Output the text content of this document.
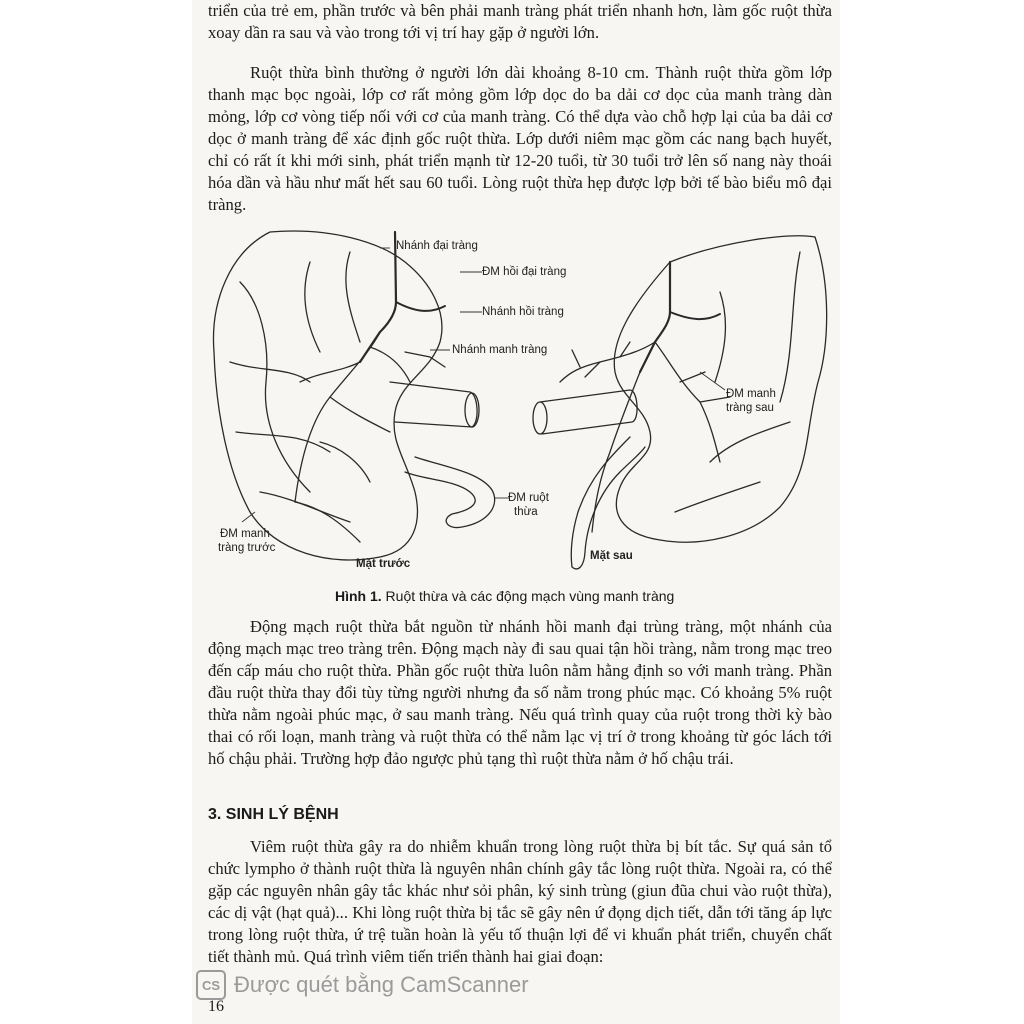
triển của trẻ em, phần trước và bên phải manh tràng phát triển nhanh hơn, làm gốc ruột thừa xoay dần ra sau và vào trong tới vị trí hay gặp ở người lớn.

Ruột thừa bình thường ở người lớn dài khoảng 8-10 cm. Thành ruột thừa gồm lớp thanh mạc bọc ngoài, lớp cơ rất mỏng gồm lớp dọc do ba dải cơ dọc của manh tràng dàn mỏng, lớp cơ vòng tiếp nối với cơ của manh tràng. Có thể dựa vào chỗ hợp lại của ba dải cơ dọc ở manh tràng để xác định gốc ruột thừa. Lớp dưới niêm mạc gồm các nang bạch huyết, chỉ có rất ít khi mới sinh, phát triển mạnh từ 12-20 tuổi, từ 30 tuổi trở lên số nang này thoái hóa dần và hầu như mất hết sau 60 tuổi. Lòng ruột thừa hẹp được lợp bởi tế bào biểu mô đại tràng.

Nhánh đại tràng
ĐM hồi đại tràng
Nhánh hồi tràng
Nhánh manh tràng
ĐM manh
tràng sau
ĐM ruột
thừa
ĐM manh
tràng trước
Mặt trước
Mặt sau
Hình 1. Ruột thừa và các động mạch vùng manh tràng

Động mạch ruột thừa bắt nguồn từ nhánh hồi manh đại trùng tràng, một nhánh của động mạch mạc treo tràng trên. Động mạch này đi sau quai tận hồi tràng, nằm trong mạc treo đến cấp máu cho ruột thừa. Phần gốc ruột thừa luôn nằm hằng định so với manh tràng. Phần đầu ruột thừa thay đổi tùy từng người nhưng đa số nằm trong phúc mạc. Có khoảng 5% ruột thừa nằm ngoài phúc mạc, ở sau manh tràng. Nếu quá trình quay của ruột trong thời kỳ bào thai có rối loạn, manh tràng và ruột thừa có thể nằm lạc vị trí ở trong khoảng từ góc lách tới hố chậu phải. Trường hợp đảo ngược phủ tạng thì ruột thừa nằm ở hố chậu trái.

3. SINH LÝ BỆNH

Viêm ruột thừa gây ra do nhiễm khuẩn trong lòng ruột thừa bị bít tắc. Sự quá sản tổ chức lympho ở thành ruột thừa là nguyên nhân chính gây tắc lòng ruột thừa. Ngoài ra, có thể gặp các nguyên nhân gây tắc khác như sỏi phân, ký sinh trùng (giun đũa chui vào ruột thừa), các dị vật (hạt quả)... Khi lòng ruột thừa bị tắc sẽ gây nên ứ đọng dịch tiết, dẫn tới tăng áp lực trong lòng ruột thừa, ứ trệ tuần hoàn là yếu tố thuận lợi để vi khuẩn phát triển, chuyển chất tiết thành mủ. Quá trình viêm tiến triển thành hai giai đoạn:

CS Được quét bằng CamScanner
16
